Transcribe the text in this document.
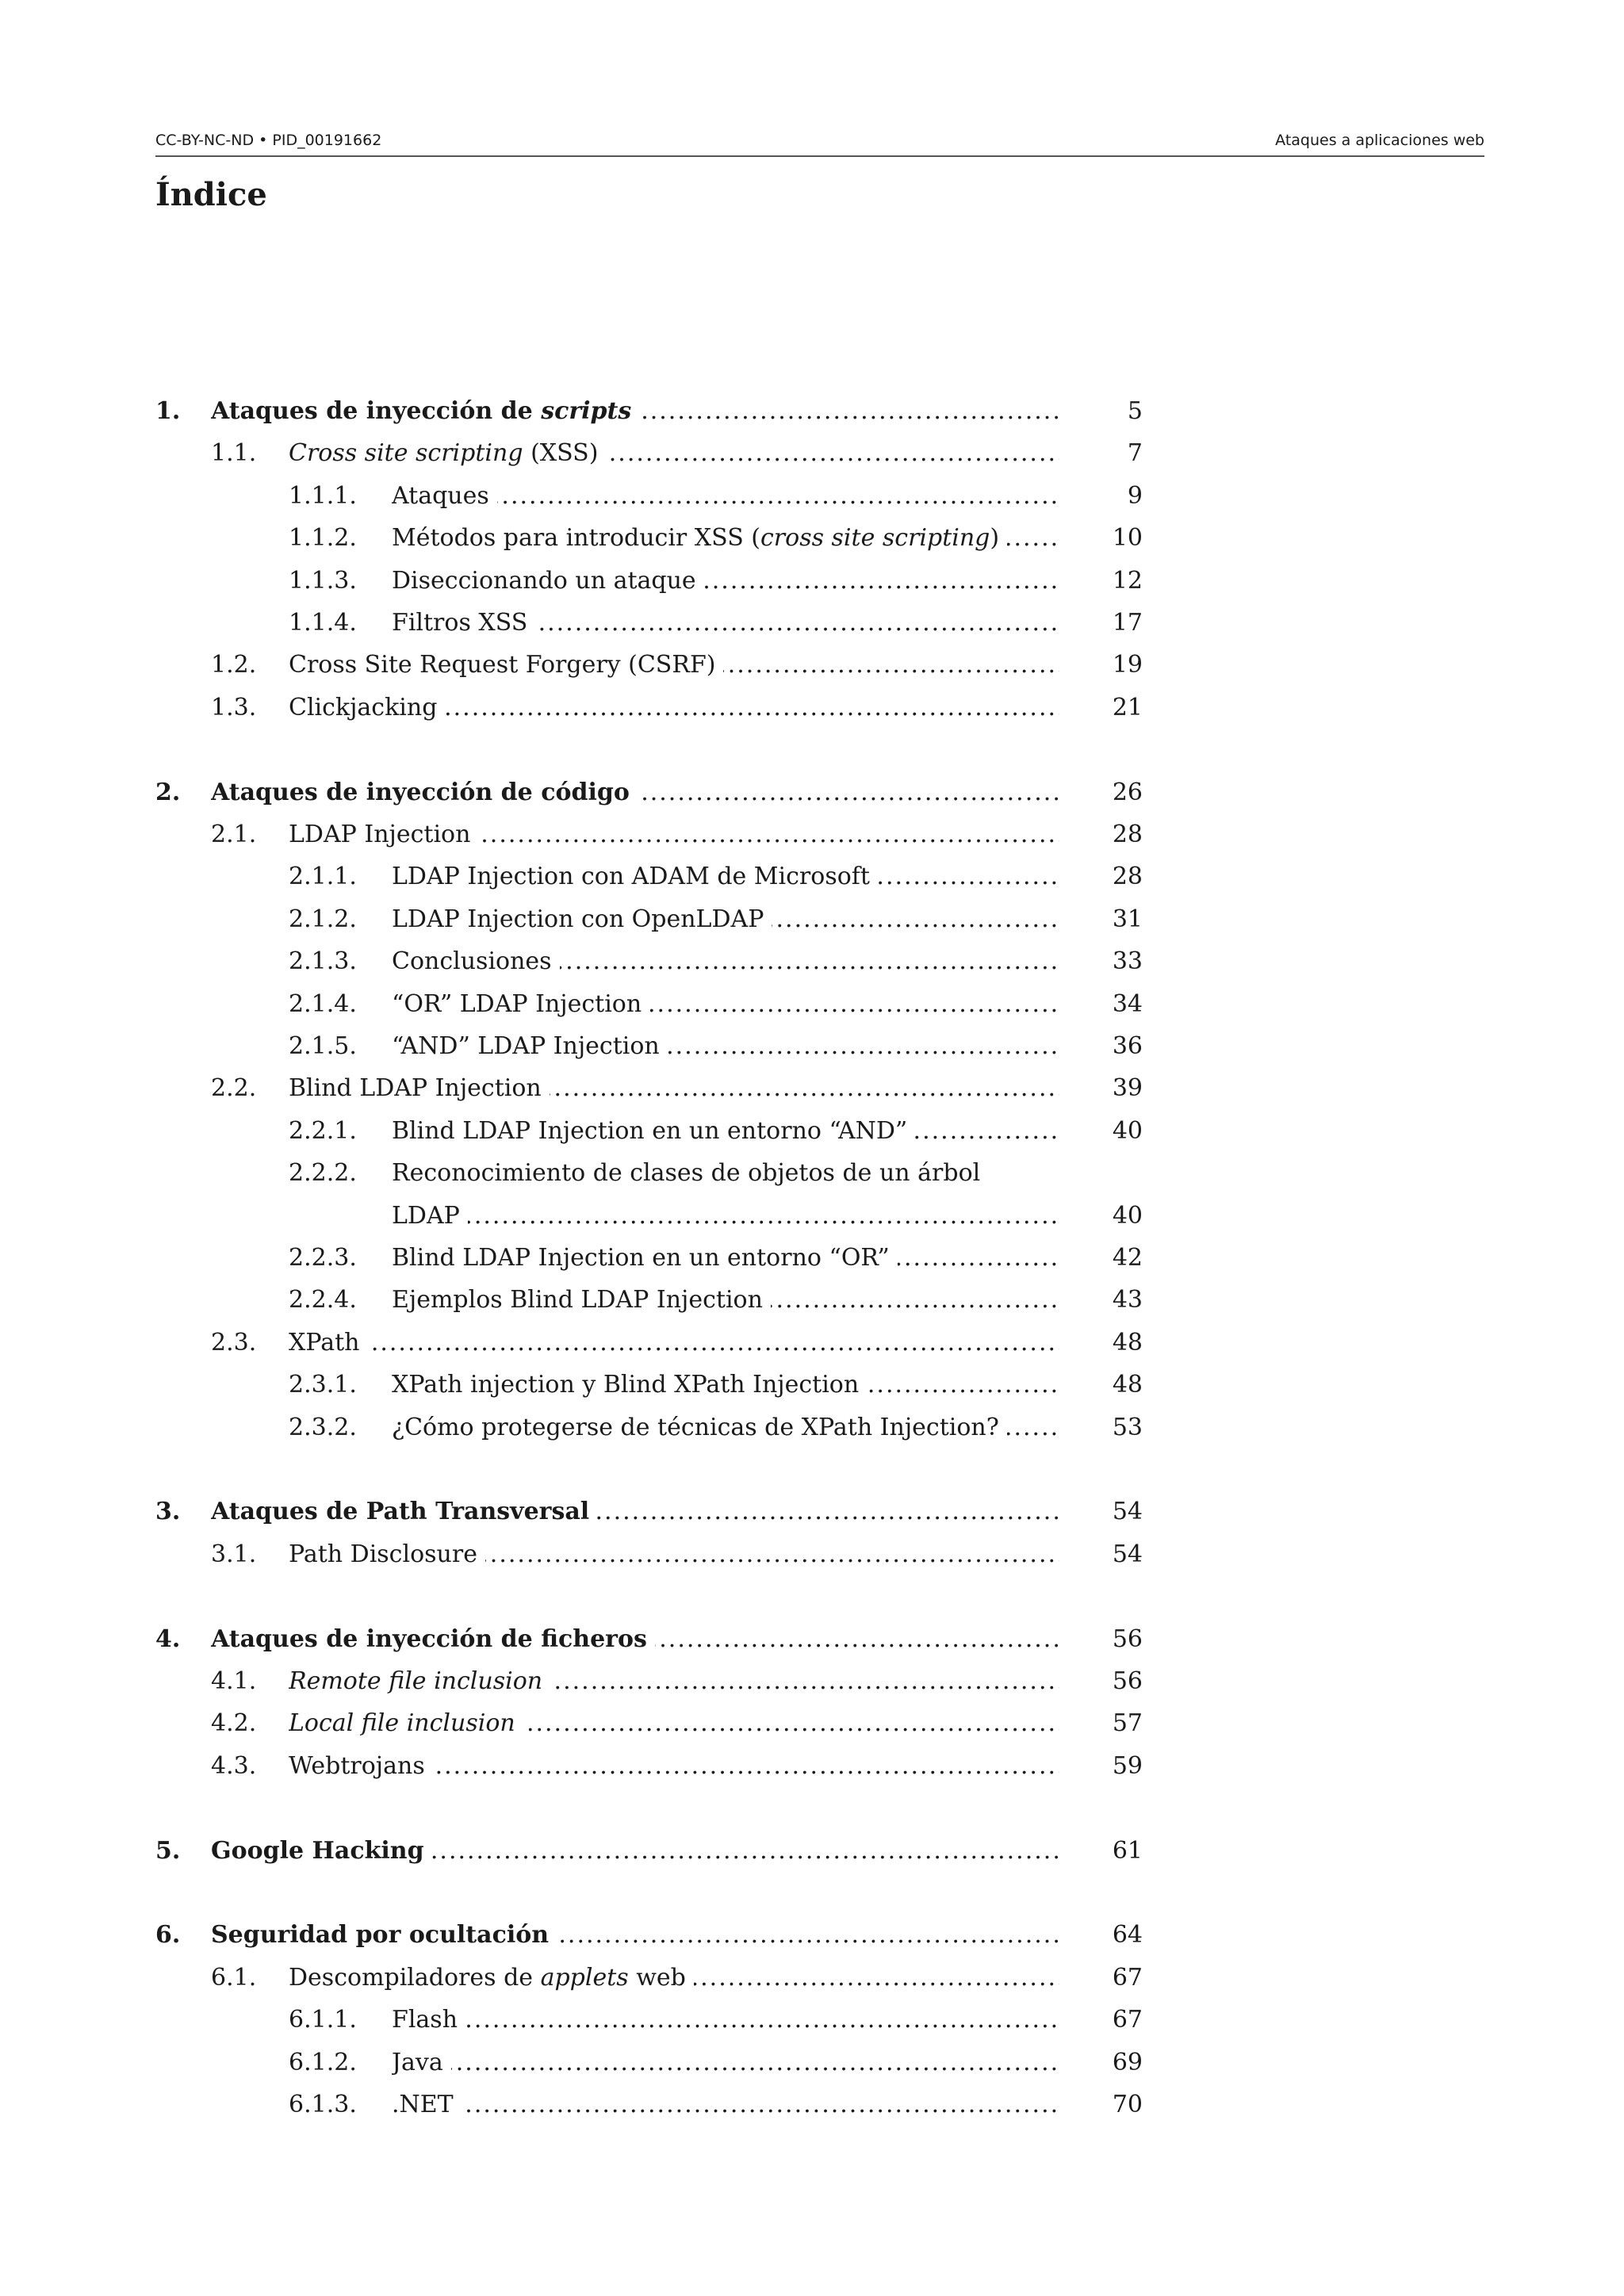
CC-BY-NC-ND • PID_00191662	Ataques a aplicaciones web
Índice
1. Ataques de inyección de scripts .....	5
1.1. Cross site scripting (XSS) .....	7
1.1.1. Ataques .....	9
1.1.2. Métodos para introducir XSS (cross site scripting) .....	10
1.1.3. Diseccionando un ataque .....	12
1.1.4. Filtros XSS .....	17
1.2. Cross Site Request Forgery (CSRF) .....	19
1.3. Clickjacking .....	21
2. Ataques de inyección de código .....	26
2.1. LDAP Injection .....	28
2.1.1. LDAP Injection con ADAM de Microsoft .....	28
2.1.2. LDAP Injection con OpenLDAP .....	31
2.1.3. Conclusiones .....	33
2.1.4. “OR” LDAP Injection .....	34
2.1.5. “AND” LDAP Injection .....	36
2.2. Blind LDAP Injection .....	39
2.2.1. Blind LDAP Injection en un entorno “AND” .....	40
2.2.2. Reconocimiento de clases de objetos de un árbol
LDAP .....	40
2.2.3. Blind LDAP Injection en un entorno “OR” .....	42
2.2.4. Ejemplos Blind LDAP Injection .....	43
2.3. XPath .....	48
2.3.1. XPath injection y Blind XPath Injection .....	48
2.3.2. ¿Cómo protegerse de técnicas de XPath Injection? .....	53
3. Ataques de Path Transversal .....	54
3.1. Path Disclosure .....	54
4. Ataques de inyección de ficheros .....	56
4.1. Remote file inclusion .....	56
4.2. Local file inclusion .....	57
4.3. Webtrojans .....	59
5. Google Hacking .....	61
6. Seguridad por ocultación .....	64
6.1. Descompiladores de applets web .....	67
6.1.1. Flash .....	67
6.1.2. Java .....	69
6.1.3. .NET .....	70
